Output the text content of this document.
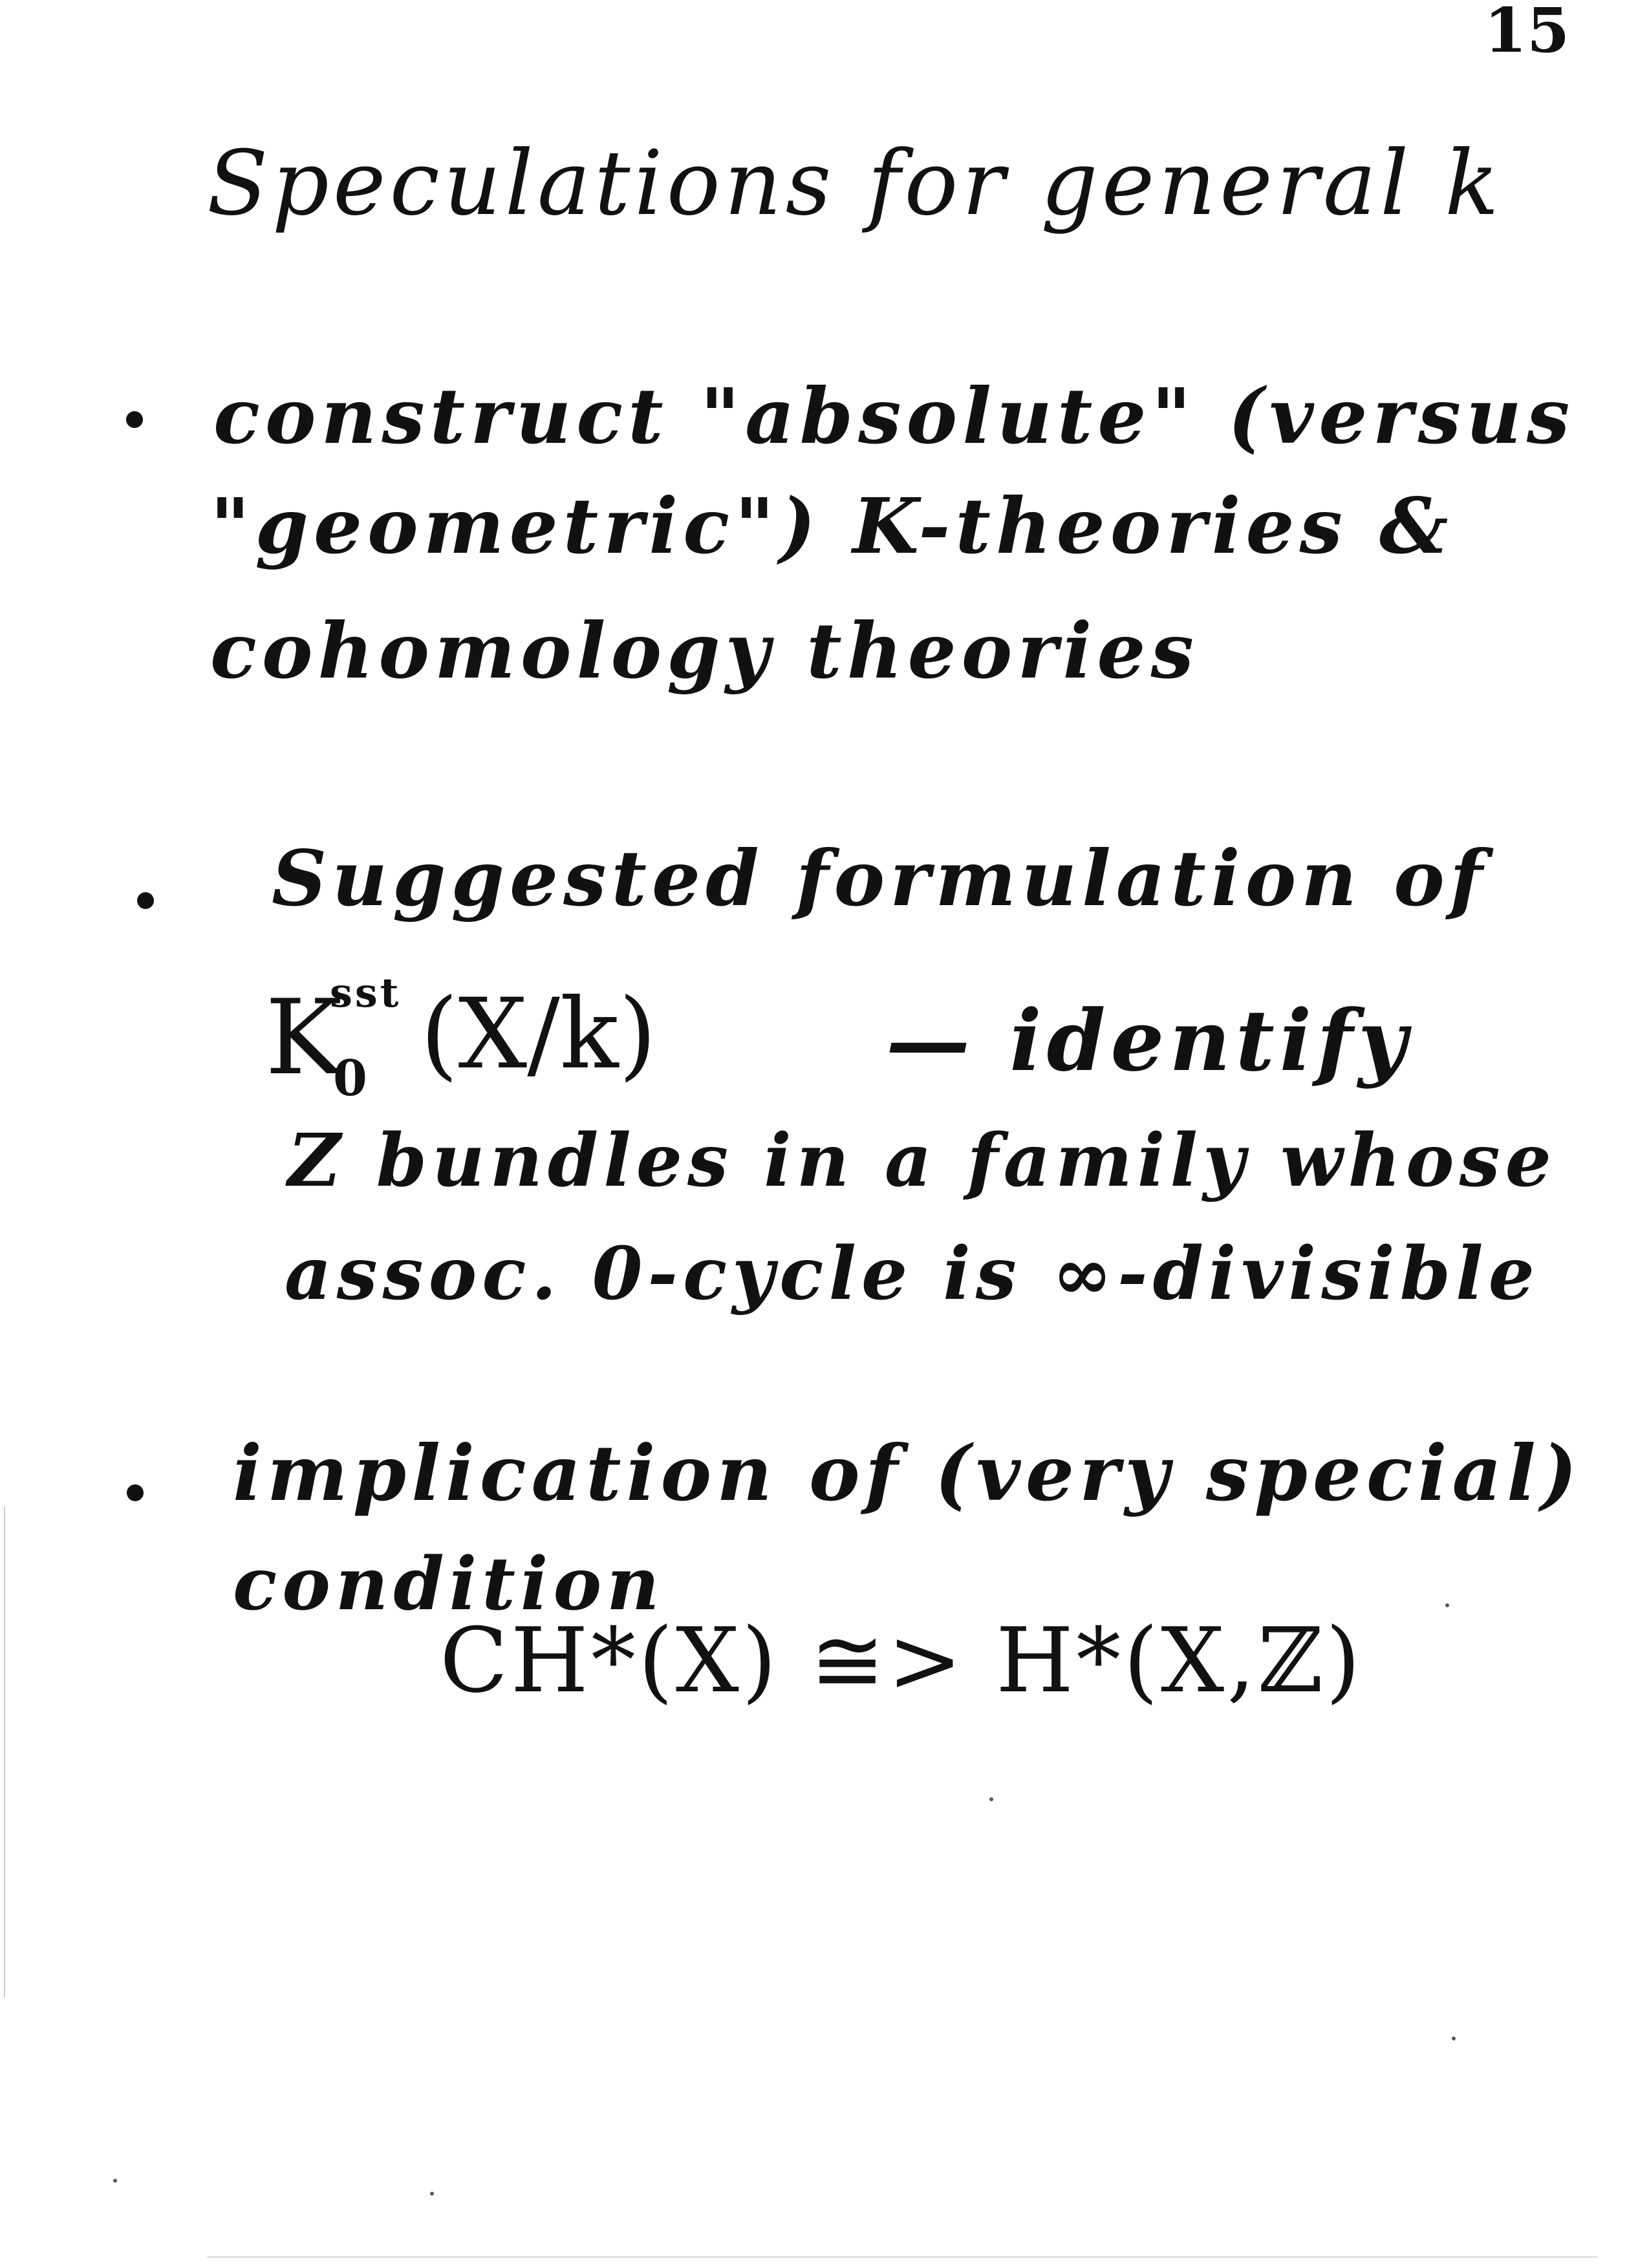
15
Speculations for general k
construct "absolute" (versus
"geometric") K-theories &
cohomology theories
Suggested formulation of
K
sst
0 (X/k)	— identify
Z bundles in a family whose
assoc. 0-cycle is ∞-divisible
implication of (very special)
condition
CH*(X) ≅> H*(X,ℤ)
